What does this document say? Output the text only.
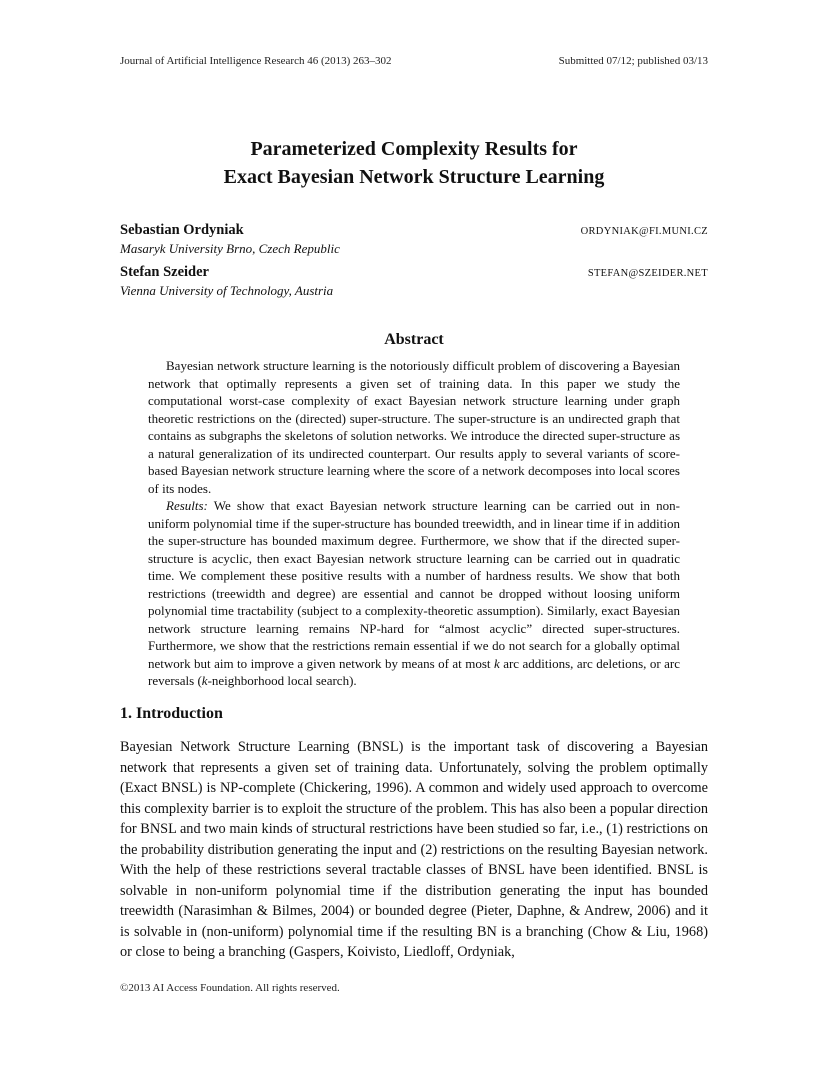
Journal of Artificial Intelligence Research 46 (2013) 263–302	Submitted 07/12; published 03/13
Parameterized Complexity Results for
Exact Bayesian Network Structure Learning
Sebastian Ordyniak	ORDYNIAK@FI.MUNI.CZ
Masaryk University Brno, Czech Republic
Stefan Szeider	STEFAN@SZEIDER.NET
Vienna University of Technology, Austria
Abstract

Bayesian network structure learning is the notoriously difficult problem of discovering a Bayesian network that optimally represents a given set of training data. In this paper we study the computational worst-case complexity of exact Bayesian network structure learning under graph theoretic restrictions on the (directed) super-structure. The super-structure is an undirected graph that contains as subgraphs the skeletons of solution networks. We introduce the directed super-structure as a natural generalization of its undirected counterpart. Our results apply to several variants of score-based Bayesian network structure learning where the score of a network decomposes into local scores of its nodes.

Results: We show that exact Bayesian network structure learning can be carried out in non-uniform polynomial time if the super-structure has bounded treewidth, and in linear time if in addition the super-structure has bounded maximum degree. Furthermore, we show that if the directed super-structure is acyclic, then exact Bayesian network structure learning can be carried out in quadratic time. We complement these positive results with a number of hardness results. We show that both restrictions (treewidth and degree) are essential and cannot be dropped without loosing uniform polynomial time tractability (subject to a complexity-theoretic assumption). Similarly, exact Bayesian network structure learning remains NP-hard for “almost acyclic” directed super-structures. Furthermore, we show that the restrictions remain essential if we do not search for a globally optimal network but aim to improve a given network by means of at most k arc additions, arc deletions, or arc reversals (k-neighborhood local search).

1. Introduction

Bayesian Network Structure Learning (BNSL) is the important task of discovering a Bayesian network that represents a given set of training data. Unfortunately, solving the problem optimally (Exact BNSL) is NP-complete (Chickering, 1996). A common and widely used approach to overcome this complexity barrier is to exploit the structure of the problem. This has also been a popular direction for BNSL and two main kinds of structural restrictions have been studied so far, i.e., (1) restrictions on the probability distribution generating the input and (2) restrictions on the resulting Bayesian network. With the help of these restrictions several tractable classes of BNSL have been identified. BNSL is solvable in non-uniform polynomial time if the distribution generating the input has bounded treewidth (Narasimhan & Bilmes, 2004) or bounded degree (Pieter, Daphne, & Andrew, 2006) and it is solvable in (non-uniform) polynomial time if the resulting BN is a branching (Chow & Liu, 1968) or close to being a branching (Gaspers, Koivisto, Liedloff, Ordyniak,

©2013 AI Access Foundation. All rights reserved.
